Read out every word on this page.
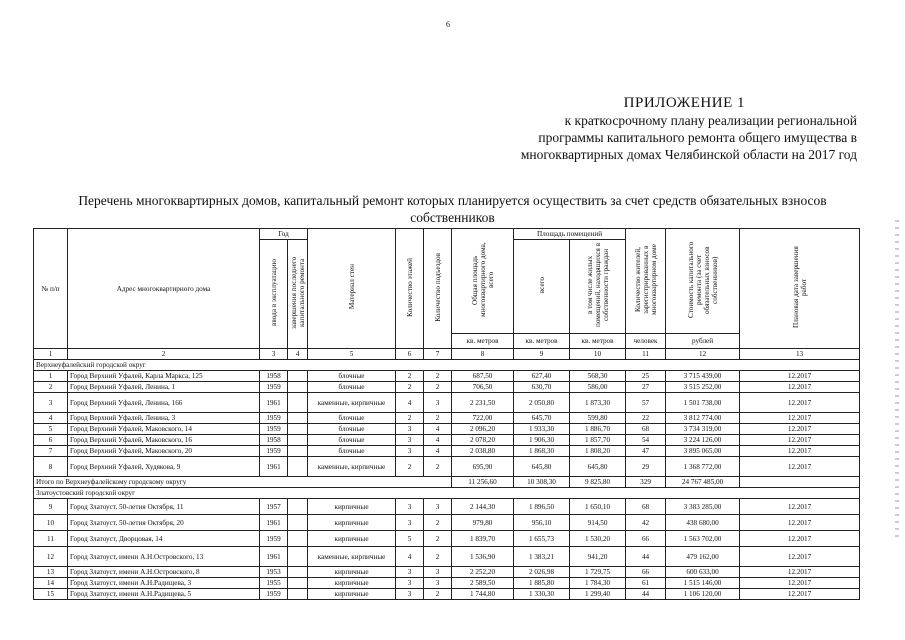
6
ПРИЛОЖЕНИЕ 1
к краткосрочному плану реализации региональной
программы капитального ремонта общего имущества в
многоквартирных домах Челябинской области на 2017 год
Перечень многоквартирных домов, капитальный ремонт которых планируется осуществить за счет средств обязательных взносов собственников
№ п/п	Адрес многоквартирного дома	Год		Материал стен	Количество этажей	Количество подъездов	Общая площадь многоквартирного дома, всего	Площадь помещений		Количество жителей, зарегистрированных в многоквартирном доме	Стоимость капитального ремонта (за счет обязательных взносов собственников)	Плановая дата завершения работ
		ввода в эксплуатацию	завершения последнего капитального ремонта					всего	в том числе жилых помещений, находящихся в собственности граждан			
							кв. метров	кв. метров	кв. метров	человек	рублей	
1	2	3	4	5	6	7	8	9	10	11	12	13
Верхнеуфалейский городской округ												
1	Город Верхний Уфалей, Карла Маркса, 125	1958		блочные	2	2	687,50	627,40	568,30	25	3 715 439,00	12.2017
2	Город Верхний Уфалей, Ленина, 1	1959		блочные	2	2	706,50	630,70	586,00	27	3 515 252,00	12.2017
3	Город Верхний Уфалей, Ленина, 166	1961		каменные, кирпичные	4	3	2 231,50	2 050,80	1 873,30	57	1 501 738,00	12.2017
4	Город Верхний Уфалей, Ленина, 3	1959		блочные	2	2	722,00	645,70	599,80	22	3 812 774,00	12.2017
5	Город Верхний Уфалей, Маковского, 14	1959		блочные	3	4	2 096,20	1 933,30	1 886,70	68	3 734 319,00	12.2017
6	Город Верхний Уфалей, Маковского, 16	1958		блочные	3	4	2 078,20	1 906,30	1 857,70	54	3 224 126,00	12.2017
7	Город Верхний Уфалей, Маковского, 20	1959		блочные	3	4	2 038,80	1 868,30	1 808,20	47	3 895 065,00	12.2017
8	Город Верхний Уфалей, Худякова, 9	1961		каменные, кирпичные	2	2	695,90	645,80	645,80	29	1 368 772,00	12.2017
Итого по Верхнеуфалейскому городскому округу							11 256,60	10 308,30	9 825,80	329	24 767 485,00	
Златоустовский городской округ												
9	Город Златоуст, 50-летия Октября, 11	1957		кирпичные	3	3	2 144,30	1 896,50	1 650,10	68	3 383 285,00	12.2017
10	Город Златоуст, 50-летия Октября, 20	1961		кирпичные	3	2	979,80	956,10	914,50	42	438 680,00	12.2017
11	Город Златоуст, Дворцовая, 14	1959		кирпичные	5	2	1 839,70	1 655,73	1 530,20	66	1 563 702,00	12.2017
12	Город Златоуст, имени А.Н.Островского, 13	1961		каменные, кирпичные	4	2	1 536,90	1 383,21	941,20	44	479 162,00	12.2017
13	Город Златоуст, имени А.Н.Островского, 8	1953		кирпичные	3	3	2 252,20	2 026,98	1 729,75	66	600 633,00	12.2017
14	Город Златоуст, имени А.Н.Радищева, 3	1955		кирпичные	3	3	2 589,50	1 885,80	1 784,30	61	1 515 146,00	12.2017
15	Город Златоуст, имени А.Н.Радищева, 5	1959		кирпичные	3	2	1 744,80	1 330,30	1 299,40	44	1 106 120,00	12.2017
